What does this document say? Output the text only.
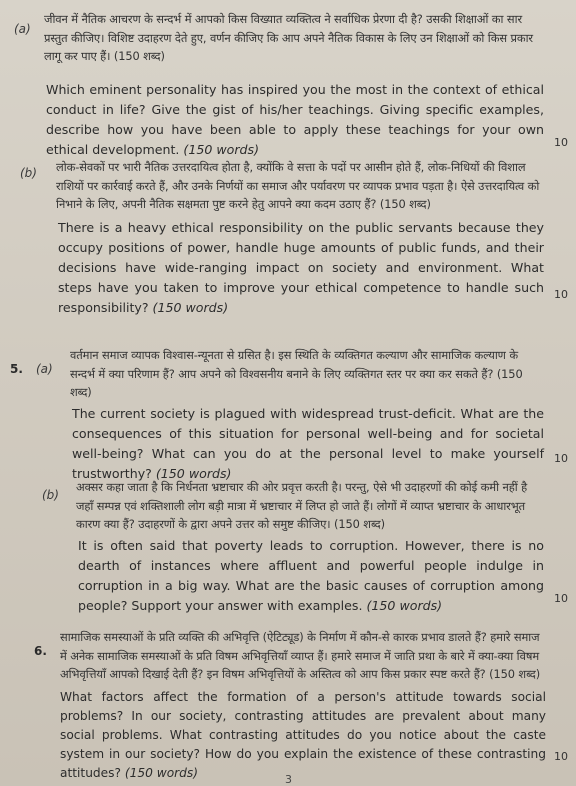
(a)
जीवन में नैतिक आचरण के सन्दर्भ में आपको किस विख्यात व्यक्तित्व ने सर्वाधिक प्रेरणा दी है? उसकी शिक्षाओं का सार प्रस्तुत कीजिए। विशिष्ट उदाहरण देते हुए, वर्णन कीजिए कि आप अपने नैतिक विकास के लिए उन शिक्षाओं को किस प्रकार लागू कर पाए हैं। (150 शब्द)
Which eminent personality has inspired you the most in the context of ethical conduct in life? Give the gist of his/her teachings. Giving specific examples, describe how you have been able to apply these teachings for your own ethical development. (150 words)	10
(b) लोक-सेवकों पर भारी नैतिक उत्तरदायित्व होता है, क्योंकि वे सत्ता के पदों पर आसीन होते हैं, लोक-निधियों की विशाल राशियों पर कार्रवाई करते हैं, और उनके निर्णयों का समाज और पर्यावरण पर व्यापक प्रभाव पड़ता है। ऐसे उत्तरदायित्व को निभाने के लिए, अपनी नैतिक सक्षमता पुष्ट करने हेतु आपने क्या कदम उठाए हैं? (150 शब्द)
There is a heavy ethical responsibility on the public servants because they occupy positions of power, handle huge amounts of public funds, and their decisions have wide-ranging impact on society and environment. What steps have you taken to improve your ethical competence to handle such responsibility? (150 words)
10
5. (a)
वर्तमान समाज व्यापक विश्वास-न्यूनता से ग्रसित है। इस स्थिति के व्यक्तिगत कल्याण और सामाजिक कल्याण के सन्दर्भ में क्या परिणाम हैं? आप अपने को विश्वसनीय बनाने के लिए व्यक्तिगत स्तर पर क्या कर सकते हैं? (150 शब्द)
The current society is plagued with widespread trust-deficit. What are the consequences of this situation for personal well-being and for societal well-being? What can you do at the personal level to make yourself trustworthy? (150 words)
10
(b)
अक्सर कहा जाता है कि निर्धनता भ्रष्टाचार की ओर प्रवृत्त करती है। परन्तु, ऐसे भी उदाहरणों की कोई कमी नहीं है जहाँ सम्पन्न एवं शक्तिशाली लोग बड़ी मात्रा में भ्रष्टाचार में लिप्त हो जाते हैं। लोगों में व्याप्त भ्रष्टाचार के आधारभूत कारण क्या हैं? उदाहरणों के द्वारा अपने उत्तर को समुष्ट कीजिए। (150 शब्द)
It is often said that poverty leads to corruption. However, there is no dearth of instances where affluent and powerful people indulge in corruption in a big way. What are the basic causes of corruption among people? Support your answer with examples. (150 words)	10
6.
सामाजिक समस्याओं के प्रति व्यक्ति की अभिवृत्ति (ऐटिट्यूड) के निर्माण में कौन-से कारक प्रभाव डालते हैं? हमारे समाज में अनेक सामाजिक समस्याओं के प्रति विषम अभिवृत्तियाँ व्याप्त हैं। हमारे समाज में जाति प्रथा के बारे में क्या-क्या विषम अभिवृत्तियाँ आपको दिखाई देती हैं? इन विषम अभिवृत्तियों के अस्तित्व को आप किस प्रकार स्पष्ट करते हैं? (150 शब्द)
What factors affect the formation of a person's attitude towards social problems? In our society, contrasting attitudes are prevalent about many social problems. What contrasting attitudes do you notice about the caste system in our society? How do you explain the existence of these contrasting attitudes? (150 words)
10
3
